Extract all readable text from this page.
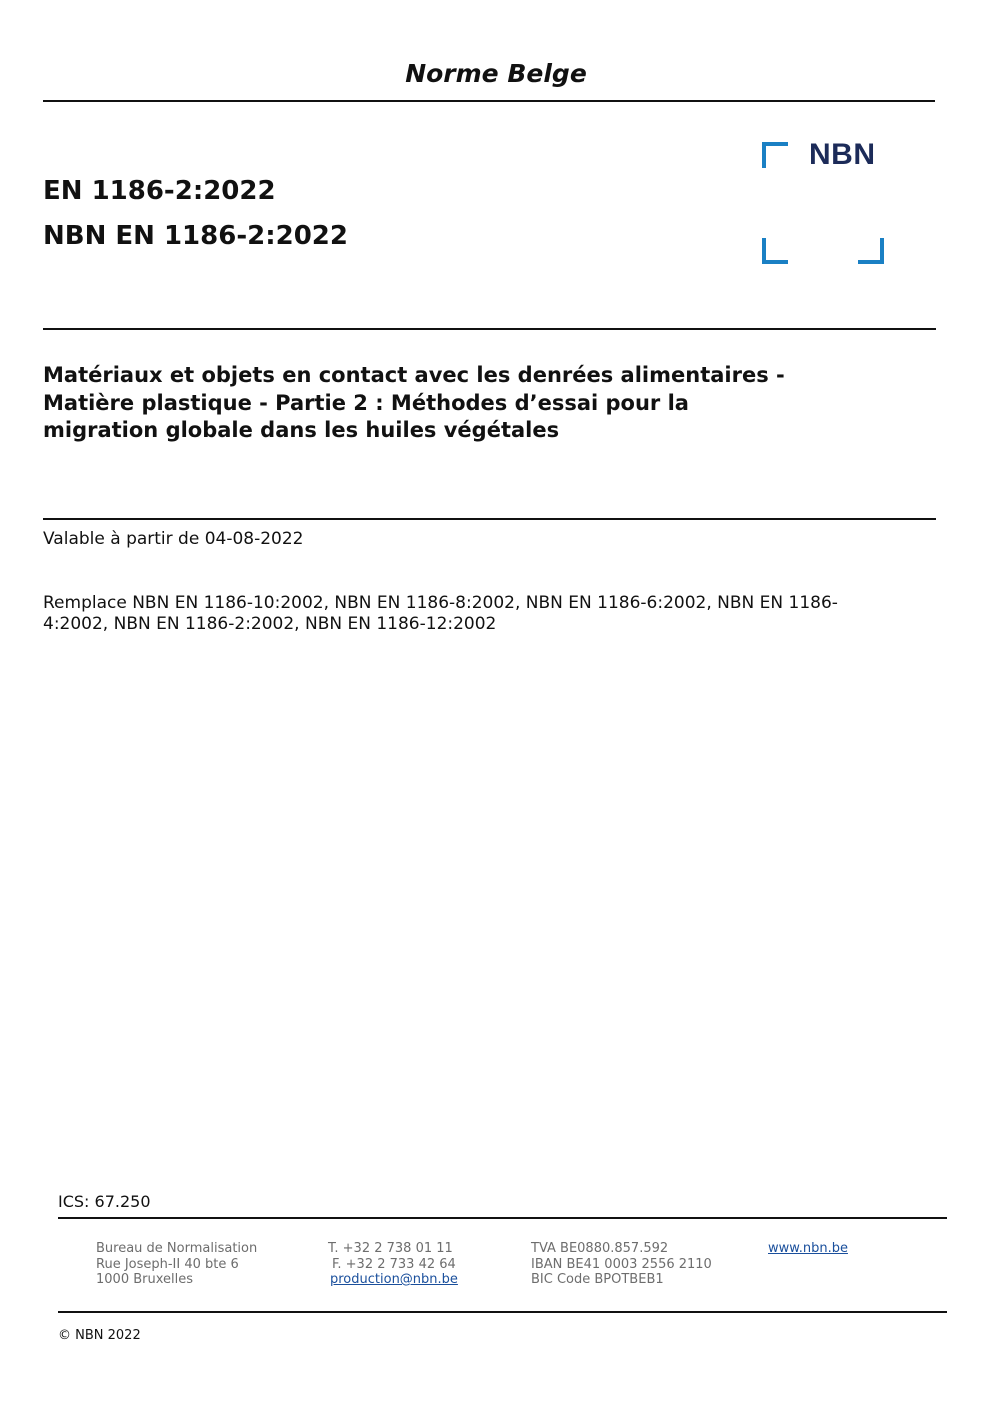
Norme Belge
EN 1186-2:2022
NBN EN 1186-2:2022
NBN
Matériaux et objets en contact avec les denrées alimentaires -
Matière plastique - Partie 2 : Méthodes d’essai pour la
migration globale dans les huiles végétales
Valable à partir de 04-08-2022
Remplace NBN EN 1186-10:2002, NBN EN 1186-8:2002, NBN EN 1186-6:2002, NBN EN 1186-4:2002, NBN EN 1186-2:2002, NBN EN 1186-12:2002
ICS: 67.250
Bureau de Normalisation
Rue Joseph-II 40 bte 6
1000 Bruxelles
T. +32 2 738 01 11
F. +32 2 733 42 64
production@nbn.be
TVA BE0880.857.592
IBAN BE41 0003 2556 2110
BIC Code BPOTBEB1
www.nbn.be
© NBN 2022
